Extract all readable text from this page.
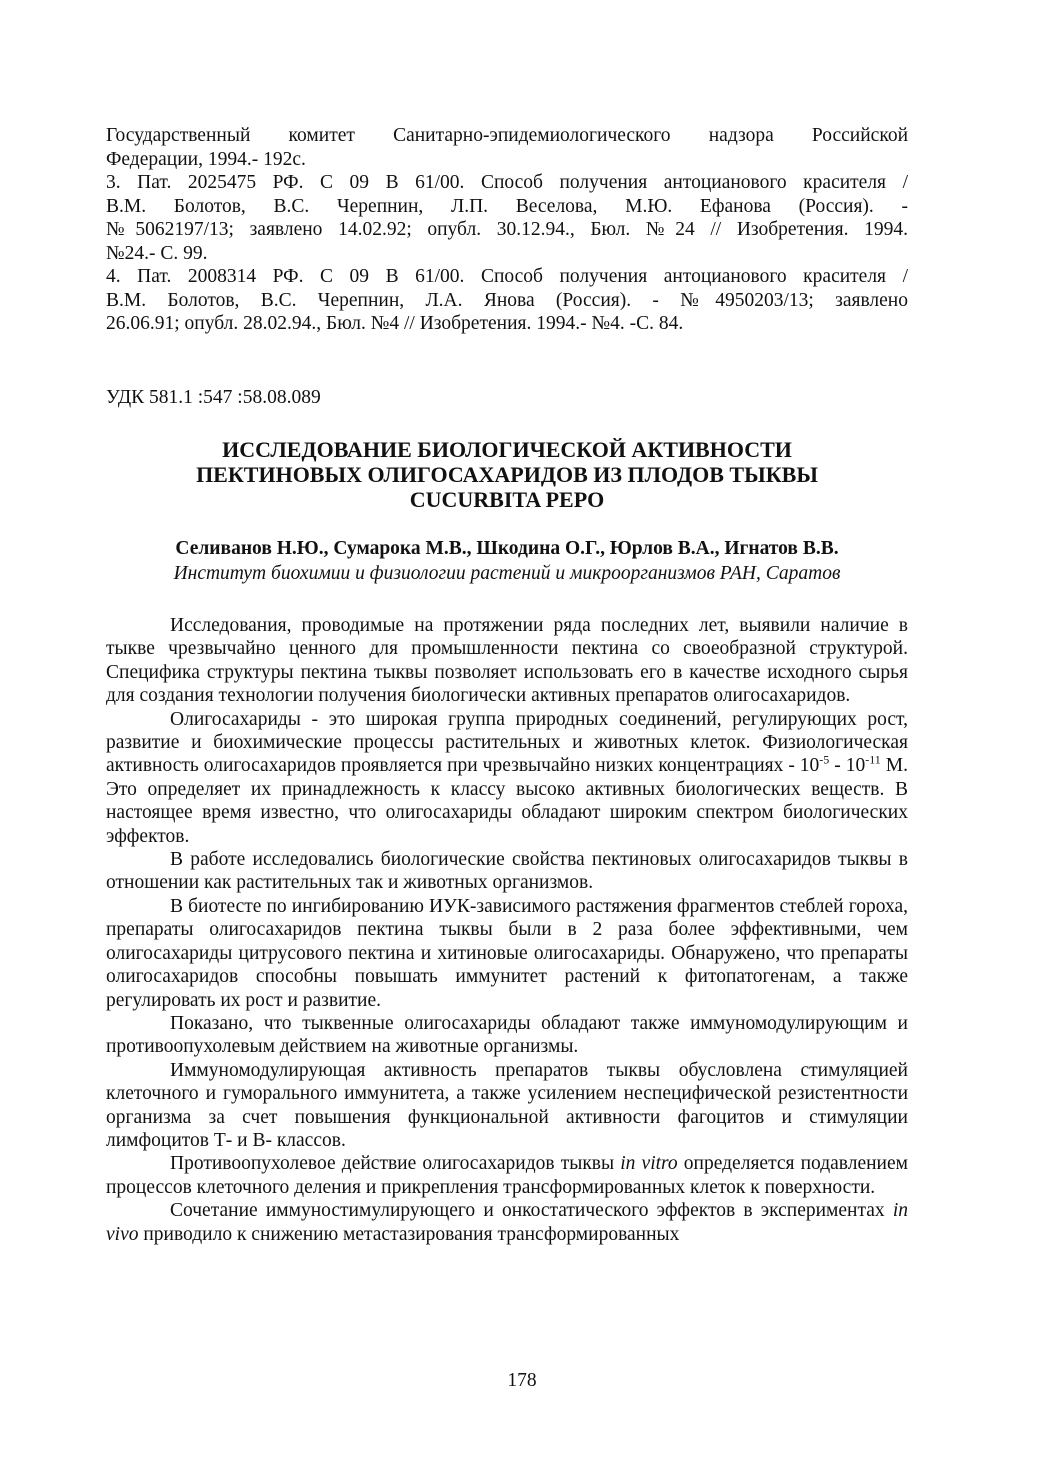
Государственный комитет Санитарно-эпидемиологического надзора Российской

Федерации, 1994.- 192с.

3. Пат. 2025475 РФ. С 09 В 61/00. Способ получения антоцианового красителя /

В.М. Болотов, В.С. Черепнин, Л.П. Веселова, М.Ю. Ефанова (Россия). -

№5062197/13; заявлено 14.02.92; опубл. 30.12.94., Бюл. №24 // Изобретения. 1994.

№24.- С. 99.

4. Пат. 2008314 РФ. С 09 В 61/00. Способ получения антоцианового красителя /

В.М. Болотов, В.С. Черепнин, Л.А. Янова (Россия). - №4950203/13; заявлено

26.06.91; опубл. 28.02.94., Бюл. №4 // Изобретения. 1994.- №4. -С. 84.

УДК 581.1 :547 :58.08.089

ИССЛЕДОВАНИЕ БИОЛОГИЧЕСКОЙ АКТИВНОСТИ
ПЕКТИНОВЫХ ОЛИГОСАХАРИДОВ ИЗ ПЛОДОВ ТЫКВЫ
CUCURBITA PEPO

Селиванов Н.Ю., Сумарока М.В., Шкодина О.Г., Юрлов В.А., Игнатов В.В.

Институт биохимии и физиологии растений и микроорганизмов РАН, Саратов

Исследования, проводимые на протяжении ряда последних лет, выявили наличие в тыкве чрезвычайно ценного для промышленности пектина со своеобразной структурой. Специфика структуры пектина тыквы позволяет использовать его в качестве исходного сырья для создания технологии получения биологически активных препаратов олигосахаридов.

Олигосахариды - это широкая группа природных соединений, регулирующих рост, развитие и биохимические процессы растительных и животных клеток. Физиологическая активность олигосахаридов проявляется при чрезвычайно низких концентрациях - $10^{-5} - 10^{-11}$ М. Это определяет их принадлежность к классу высоко активных биологических веществ. В настоящее время известно, что олигосахариды обладают широким спектром биологических эффектов.

В работе исследовались биологические свойства пектиновых олигосахаридов тыквы в отношении как растительных так и животных организмов.

В биотесте по ингибированию ИУК-зависимого растяжения фрагментов стеблей гороха, препараты олигосахаридов пектина тыквы были в 2 раза более эффективными, чем олигосахариды цитрусового пектина и хитиновые олигосахариды. Обнаружено, что препараты олигосахаридов способны повышать иммунитет растений к фитопатогенам, а также регулировать их рост и развитие.

Показано, что тыквенные олигосахариды обладают также иммуномодулирующим и противоопухолевым действием на животные организмы.

Иммуномодулирующая активность препаратов тыквы обусловлена стимуляцией клеточного и гуморального иммунитета, а также усилением неспецифической резистентности организма за счет повышения функциональной активности фагоцитов и стимуляции лимфоцитов Т- и В- классов.

Противоопухолевое действие олигосахаридов тыквы in vitro определяется подавлением процессов клеточного деления и прикрепления трансформированных клеток к поверхности.

Сочетание иммуностимулирующего и онкостатического эффектов в экспериментах in vivo приводило к снижению метастазирования трансформированных

178
